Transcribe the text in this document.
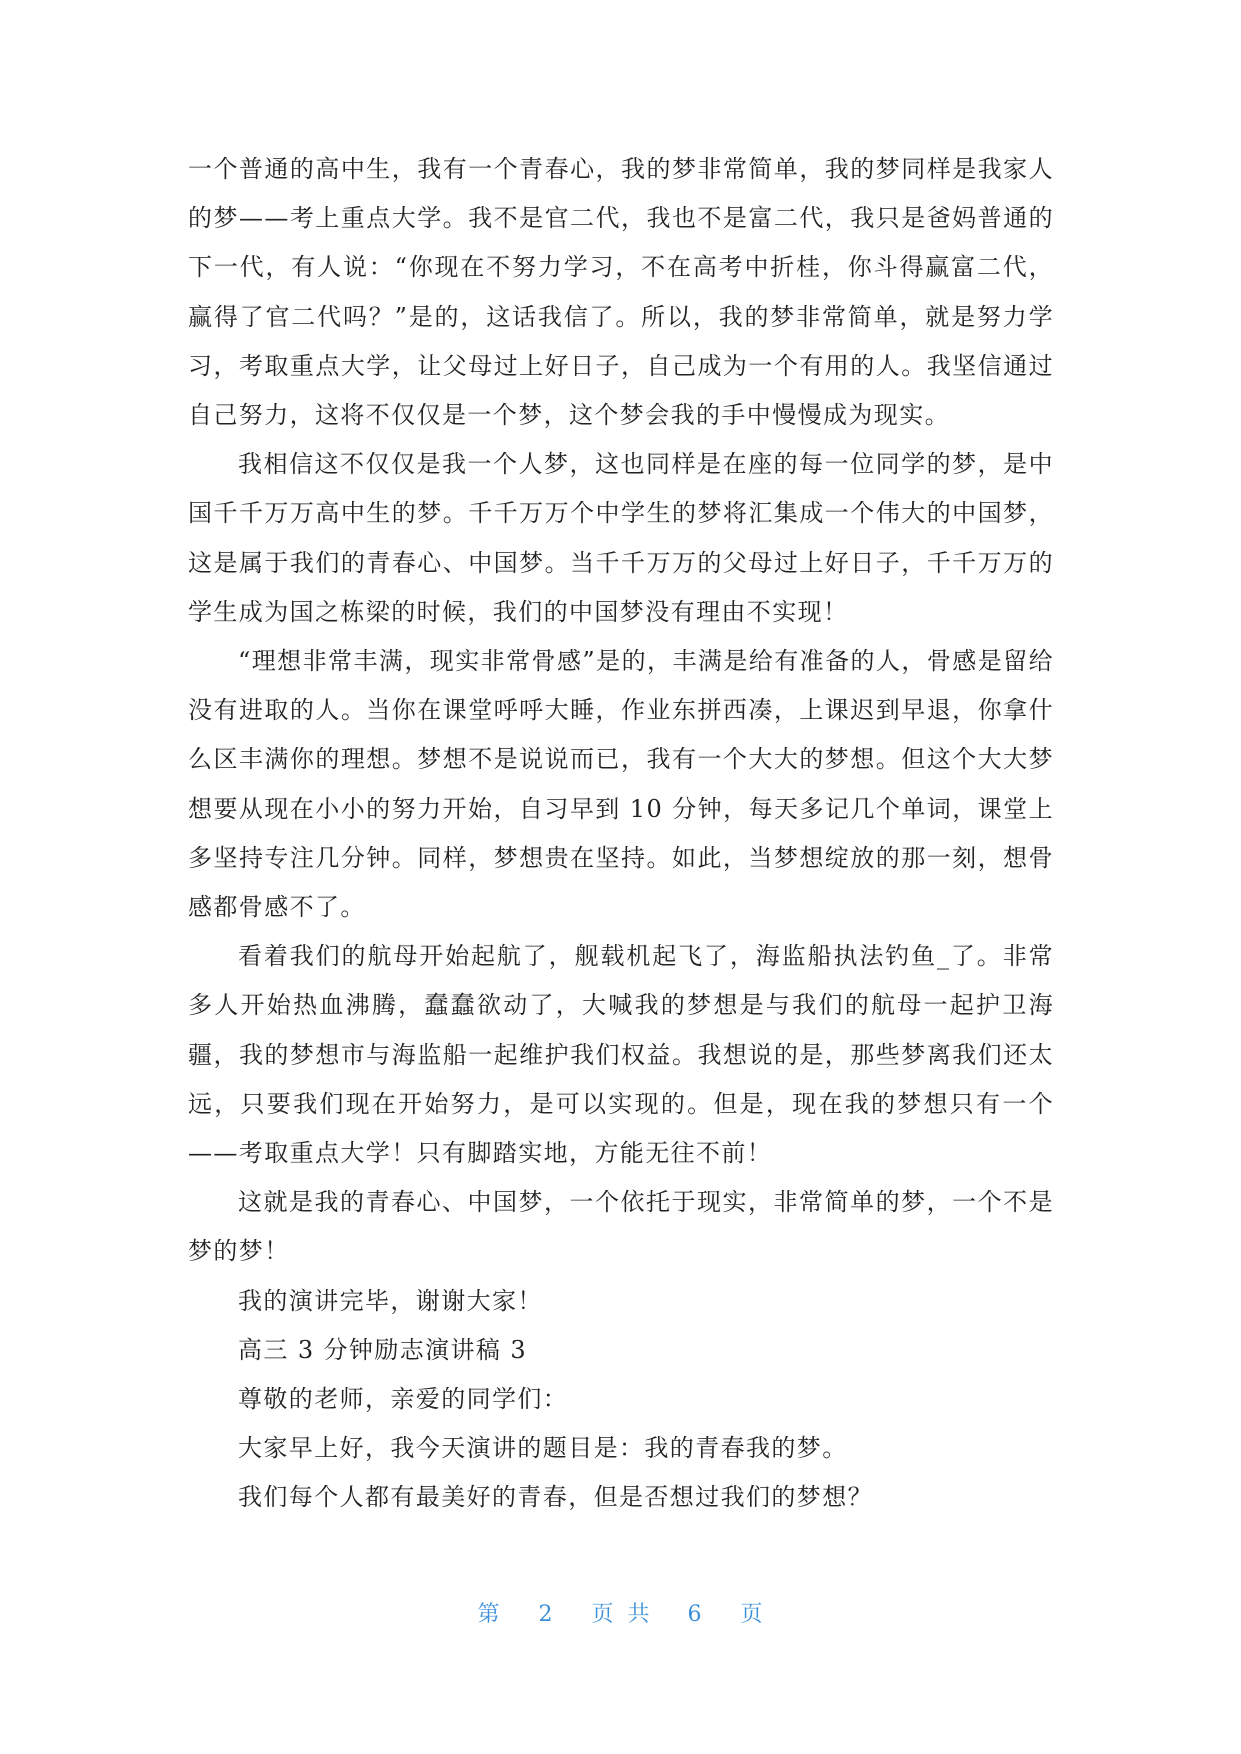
一个普通的高中生，我有一个青春心，我的梦非常简单，我的梦同样是我家人的梦——考上重点大学。我不是官二代，我也不是富二代，我只是爸妈普通的下一代，有人说：“你现在不努力学习，不在高考中折桂，你斗得赢富二代，赢得了官二代吗？”是的，这话我信了。所以，我的梦非常简单，就是努力学习，考取重点大学，让父母过上好日子，自己成为一个有用的人。我坚信通过自己努力，这将不仅仅是一个梦，这个梦会我的手中慢慢成为现实。

我相信这不仅仅是我一个人梦，这也同样是在座的每一位同学的梦，是中国千千万万高中生的梦。千千万万个中学生的梦将汇集成一个伟大的中国梦，这是属于我们的青春心、中国梦。当千千万万的父母过上好日子，千千万万的学生成为国之栋梁的时候，我们的中国梦没有理由不实现！

“理想非常丰满，现实非常骨感”是的，丰满是给有准备的人，骨感是留给没有进取的人。当你在课堂呼呼大睡，作业东拼西凑，上课迟到早退，你拿什么区丰满你的理想。梦想不是说说而已，我有一个大大的梦想。但这个大大梦想要从现在小小的努力开始，自习早到 10 分钟，每天多记几个单词，课堂上多坚持专注几分钟。同样，梦想贵在坚持。如此，当梦想绽放的那一刻，想骨感都骨感不了。

看着我们的航母开始起航了，舰载机起飞了，海监船执法钓鱼_了。非常多人开始热血沸腾，蠢蠢欲动了，大喊我的梦想是与我们的航母一起护卫海疆，我的梦想市与海监船一起维护我们权益。我想说的是，那些梦离我们还太远，只要我们现在开始努力，是可以实现的。但是，现在我的梦想只有一个——考取重点大学！只有脚踏实地，方能无往不前！

这就是我的青春心、中国梦，一个依托于现实，非常简单的梦，一个不是梦的梦！

我的演讲完毕，谢谢大家！

高三 3 分钟励志演讲稿 3

尊敬的老师，亲爱的同学们：

大家早上好，我今天演讲的题目是：我的青春我的梦。

我们每个人都有最美好的青春，但是否想过我们的梦想？

第 2 页共 6 页
